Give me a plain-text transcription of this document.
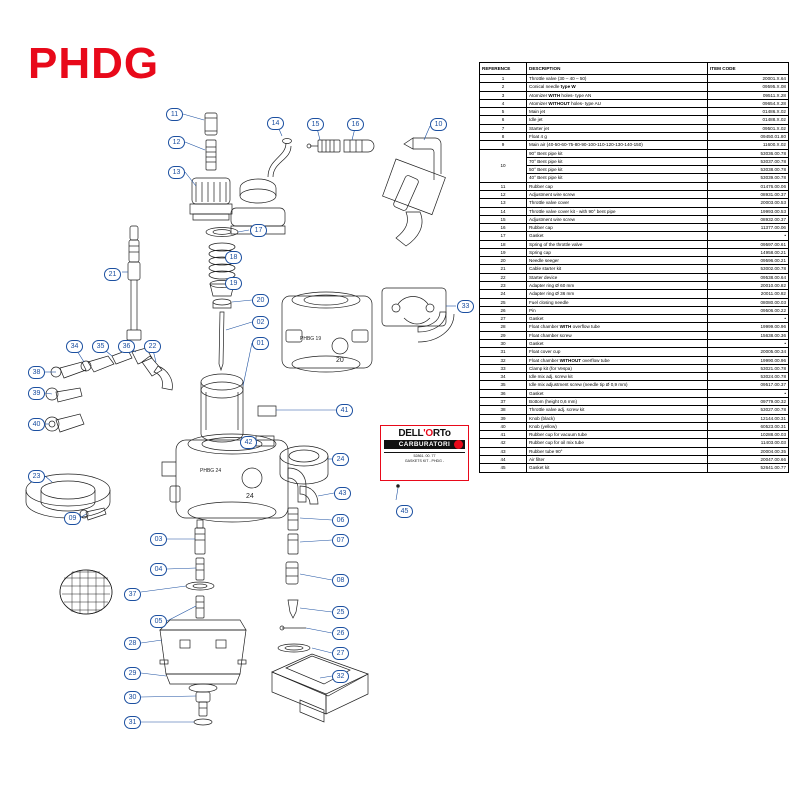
PHDG
20
PHBG 19
24
PHBG 24
11
14	15	16	10
12
13
17
18
21
19
20
02
33
01
34	35	36	22
38
39
41
40
42
24
23
43
45
09	06
03	07
04
08
37
05
25
26
28
27
29	32
30
31
DELL'ORTo
CARBURATORI
52861. 00. 77
GASKETS KIT - PHDG -
REFERENCE	DESCRIPTION	ITEM CODE
1	Throttle valve (30 – 40 – 50)	20001.X.64
2	Conical needle type W	09595.X.08
3	Atomizer WITH holes- type AN	09511.X.28
4	Atomizer WITHOUT holes- type AU	09654.X.28
5	Main jet	01486.X.02
6	Idle jet	01488.X.02
7	Starter jet	09501.X.02
8	Float 4 g	09450.01.80
9	Main air (40-50-60-75-80-90-100-110-120-130-140-150)	11600.X.02
10	90° Bent pipe kit	53036.00.78
	70° Bent pipe kit	53037.00.78
	50° Bent pipe kit	53038.00.78
	40° Bent pipe kit	53039.00.78
11	Rubber cap	01476.00.06
12	Adjustment wire screw	08931.00.37
13	Throttle valve cover	20003.00.53
14	Throttle valve cover kit - with 90° bent pipe	19993.00.53
15	Adjustment wire screw	08932.00.37
16	Rubber cap	11377.00.06
17	Gasket	•
18	Spring of the throttle valve	09597.00.61
19	Spring cap	14958.00.21
20	Needle seeger	09596.00.21
21	Cable starter kit	53002.00.78
22	Starter device	09538.00.64
23	Adapter ring Ø 60 mm	20010.00.82
24	Adapter ring Ø 36 mm	20011.00.82
25	Fuel closing needle	08080.00.03
26	Pin	09506.00.22
27	Gasket	•
28	Float chamber WITH overflow tube	19999.00.96
29	Float chamber screw	15638.00.36
30	Gasket	•
31	Float cover cup	20005.00.34
32	Float chamber WITHOUT overflow tube	19990.00.96
33	Clamp kit (for Vespa)	53021.00.78
34	Idle mix adj. screw kit	53024.00.78
35	Idle mix adjustment screw (needle tip Ø 0,9 mm)	09517.00.37
36	Gasket	•
37	Bottom (height 0,6 mm)	09779.00.32
38	Throttle valve adj. screw kit	53027.00.78
39	Knob (black)	12144.00.31
40	Knob (yellow)	60523.00.31
41	Rubber cup for vacuum tube	10288.00.03
42	Rubber cup for oil mix tube	11403.00.03
43	Rubber tube 90°	20004.00.35
44	Air filter	20047.00.66
45	Gasket kit	52641.00.77
